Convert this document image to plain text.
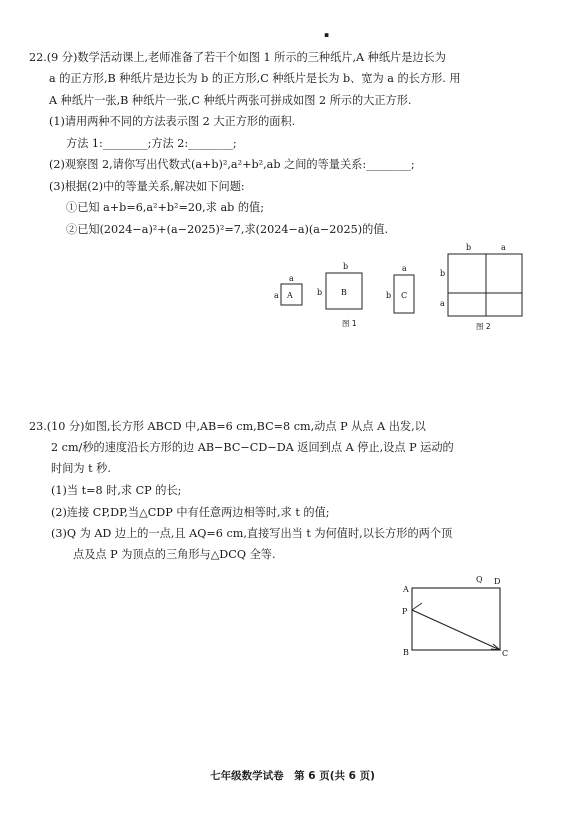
▪
22.(9 分)数学活动课上,老师准备了若干个如图 1 所示的三种纸片,A 种纸片是边长为
a 的正方形,B 种纸片是边长为 b 的正方形,C 种纸片是长为 b、宽为 a 的长方形. 用
A 种纸片一张,B 种纸片一张,C 种纸片两张可拼成如图 2 所示的大正方形.
(1)请用两种不同的方法表示图 2 大正方形的面积.
方法 1:________;方法 2:________;
(2)观察图 2,请你写出代数式(a+b)²,a²+b²,ab 之间的等量关系:________;
(3)根据(2)中的等量关系,解决如下问题:
①已知 a+b=6,a²+b²=20,求 ab 的值;
②已知(2024−a)²+(a−2025)²=7,求(2024−a)(a−2025)的值.
A
a
a	B
b
b	C
a
b
图 1
b	a
b
a
图 2
23.(10 分)如图,长方形 ABCD 中,AB=6 cm,BC=8 cm,动点 P 从点 A 出发,以
2 cm/秒的速度沿长方形的边 AB−BC−CD−DA 返回到点 A 停止,设点 P 运动的
时间为 t 秒.
(1)当 t=8 时,求 CP 的长;
(2)连接 CP,DP,当△CDP 中有任意两边相等时,求 t 的值;
(3)Q 为 AD 边上的一点,且 AQ=6 cm,直接写出当 t 为何值时,以长方形的两个顶
点及点 P 为顶点的三角形与△DCQ 全等.
A
B	C
D
P
Q
七年级数学试卷　第 6 页(共 6 页)
